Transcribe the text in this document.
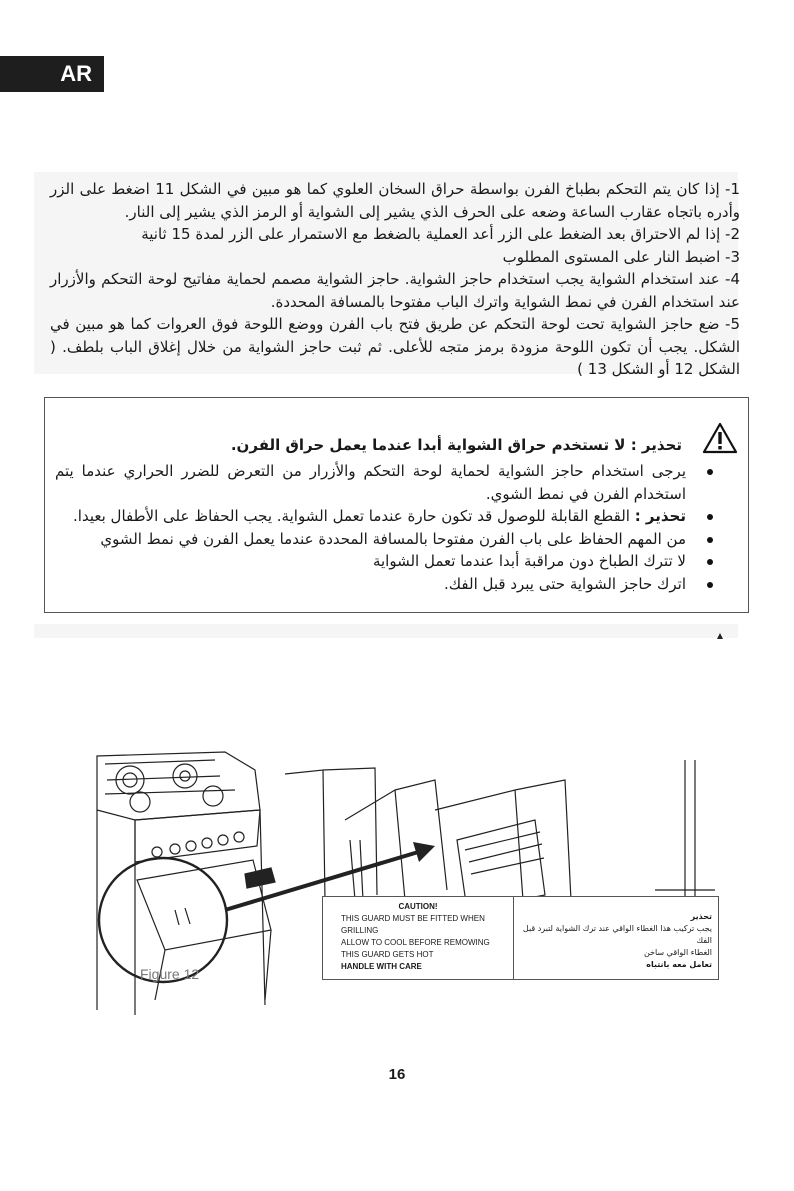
AR

1- إذا كان يتم التحكم بطباخ الفرن بواسطة حراق السخان العلوي كما هو مبين في الشكل 11 اضغط على الزر وأدره باتجاه عقارب الساعة وضعه على الحرف الذي يشير إلى الشواية أو الرمز الذي يشير إلى النار.

2- إذا لم الاحتراق بعد الضغط على الزر أعد العملية بالضغط مع الاستمرار على الزر لمدة 15 ثانية

3- اضبط النار على المستوى المطلوب

4- عند استخدام الشواية يجب استخدام حاجز الشواية. حاجز الشواية مصمم لحماية مفاتيح لوحة التحكم والأزرار عند استخدام الفرن في نمط الشواية واترك الباب مفتوحا بالمسافة المحددة.

5- ضع حاجز الشواية تحت لوحة التحكم عن طريق فتح باب الفرن ووضع اللوحة فوق العروات كما هو مبين في الشكل. يجب أن تكون اللوحة مزودة برمز متجه للأعلى. ثم ثبت حاجز الشواية من خلال إغلاق الباب بلطف. ( الشكل 12 أو الشكل 13 )

تحذير : لا تستخدم حراق الشواية أبدا عندما يعمل حراق الفرن.
يرجى استخدام حاجز الشواية لحماية لوحة التحكم والأزرار من التعرض للضرر الحراري عندما يتم استخدام الفرن في نمط الشوي.
تحذير : القطع القابلة للوصول قد تكون حارة عندما تعمل الشواية. يجب الحفاظ على الأطفال بعيدا.
من المهم الحفاظ على باب الفرن مفتوحا بالمسافة المحددة عندما يعمل الفرن في نمط الشوي
لا تترك الطباخ دون مراقبة أبدا عندما تعمل الشواية
اترك حاجز الشواية حتى يبرد قبل الفك.
Figure 12
CAUTION!
THIS GUARD MUST BE FITTED WHEN GRILLING
ALLOW TO COOL BEFORE REMOWING
THIS GUARD GETS HOT
HANDLE WITH CARE
تحذير
يجب تركيب هذا الغطاء الواقي عند ترك الشواية لتبرد قبل الفك
الغطاء الواقي ساخن
تعامل معه بانتباه
16
